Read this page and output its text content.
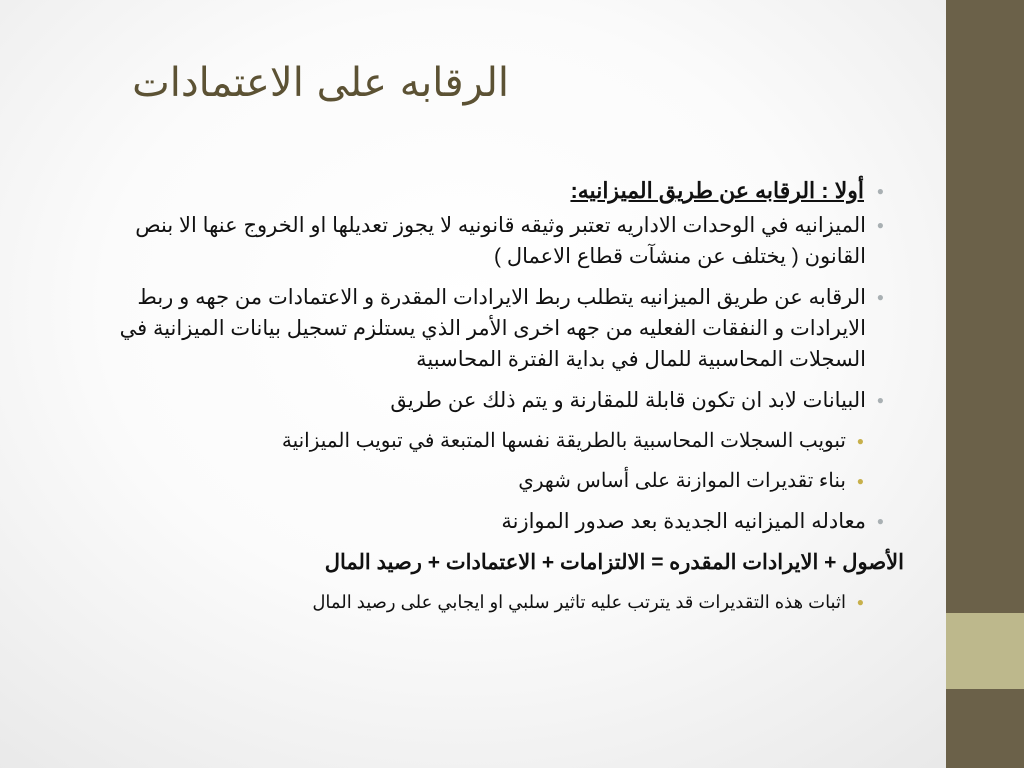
الرقابه على الاعتمادات
●
أولا : الرقابه عن طريق الميزانيه:
●
الميزانيه في الوحدات الاداريه تعتبر وثيقه قانونيه لا يجوز تعديلها او الخروج عنها الا بنص القانون ( يختلف عن منشآت قطاع الاعمال )
●
الرقابه عن طريق الميزانيه يتطلب ربط الايرادات المقدرة و الاعتمادات من جهه و ربط الايرادات و النفقات الفعليه من جهه اخرى الأمر الذي يستلزم تسجيل بيانات الميزانية في السجلات المحاسبية للمال في بداية الفترة المحاسبية
●
البيانات لابد ان تكون قابلة للمقارنة و يتم ذلك عن طريق
●
تبويب السجلات المحاسبية بالطريقة نفسها المتبعة في تبويب الميزانية
●
بناء تقديرات الموازنة على أساس شهري
●
معادله الميزانيه الجديدة بعد صدور الموازنة
الأصول + الايرادات المقدره = الالتزامات + الاعتمادات + رصيد المال
●
اثبات هذه التقديرات قد يترتب عليه تاثير سلبي او ايجابي على رصيد المال
